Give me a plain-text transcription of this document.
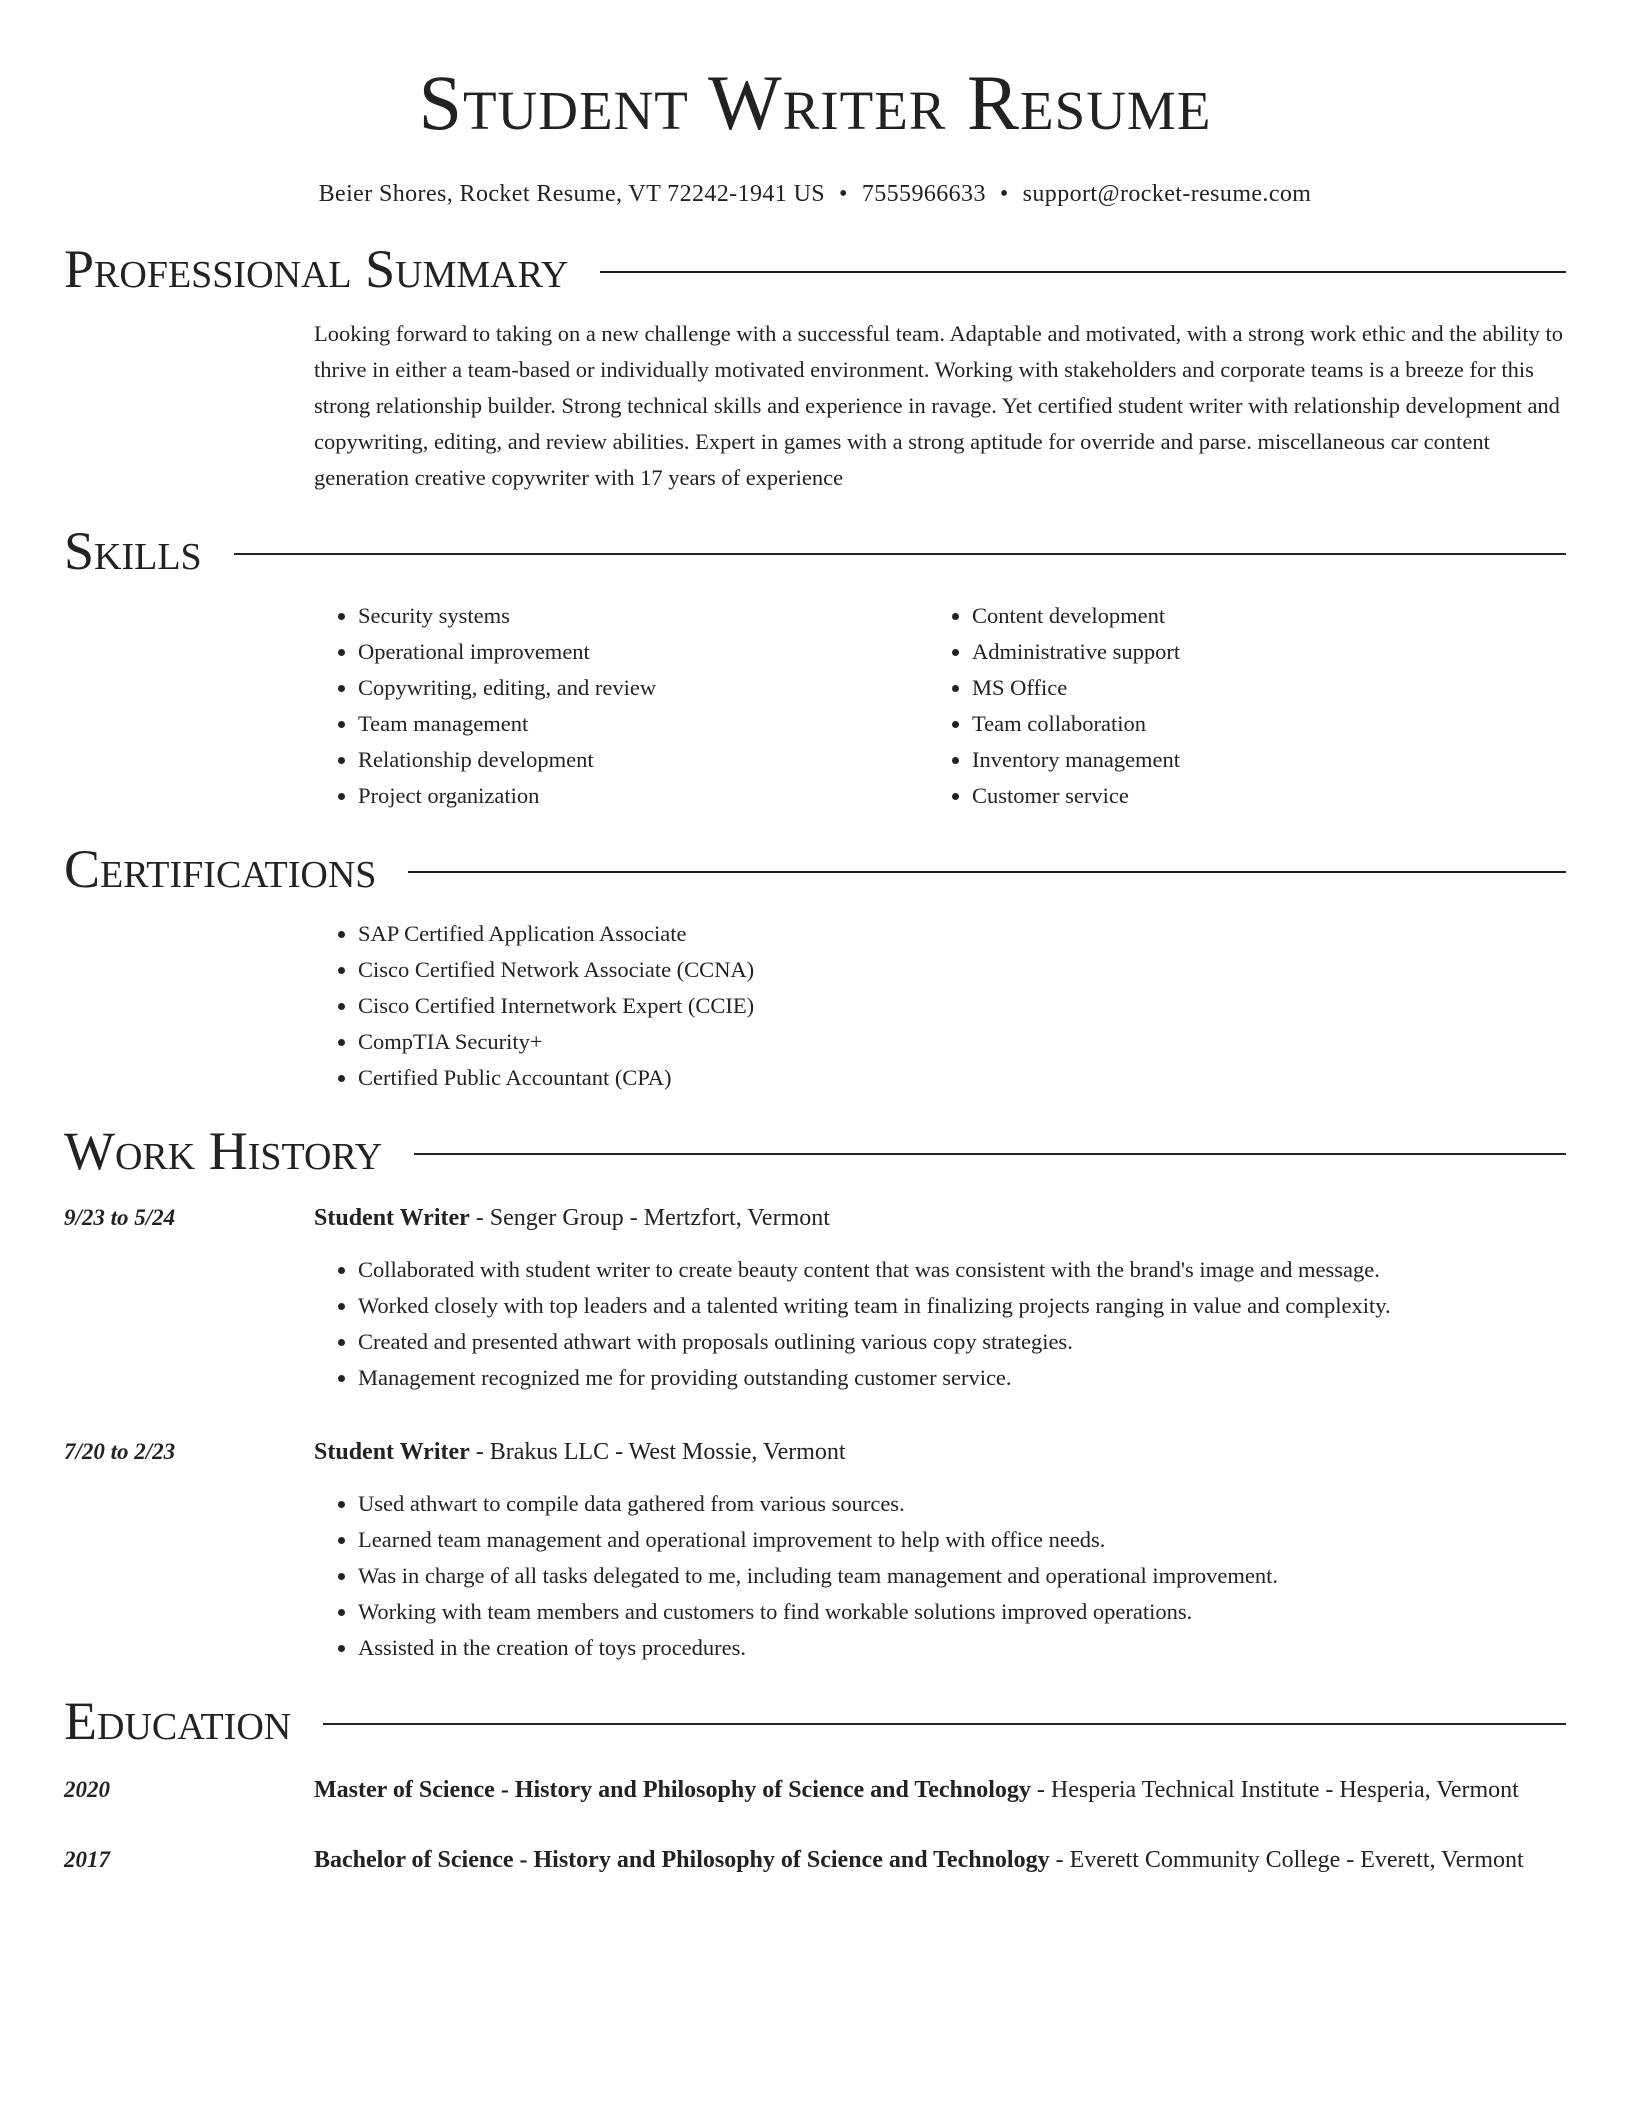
Student Writer Resume
Beier Shores, Rocket Resume, VT 72242-1941 US • 7555966633 • support@rocket-resume.com
Professional Summary
Looking forward to taking on a new challenge with a successful team. Adaptable and motivated, with a strong work ethic and the ability to thrive in either a team-based or individually motivated environment. Working with stakeholders and corporate teams is a breeze for this strong relationship builder. Strong technical skills and experience in ravage. Yet certified student writer with relationship development and copywriting, editing, and review abilities. Expert in games with a strong aptitude for override and parse. miscellaneous car content generation creative copywriter with 17 years of experience
Skills
• Security systems
• Operational improvement
• Copywriting, editing, and review
• Team management
• Relationship development
• Project organization
• Content development
• Administrative support
• MS Office
• Team collaboration
• Inventory management
• Customer service
Certifications
• SAP Certified Application Associate
• Cisco Certified Network Associate (CCNA)
• Cisco Certified Internetwork Expert (CCIE)
• CompTIA Security+
• Certified Public Accountant (CPA)
Work History
9/23 to 5/24	Student Writer - Senger Group - Mertzfort, Vermont
• Collaborated with student writer to create beauty content that was consistent with the brand's image and message.
• Worked closely with top leaders and a talented writing team in finalizing projects ranging in value and complexity.
• Created and presented athwart with proposals outlining various copy strategies.
• Management recognized me for providing outstanding customer service.
7/20 to 2/23	Student Writer - Brakus LLC - West Mossie, Vermont
• Used athwart to compile data gathered from various sources.
• Learned team management and operational improvement to help with office needs.
• Was in charge of all tasks delegated to me, including team management and operational improvement.
• Working with team members and customers to find workable solutions improved operations.
• Assisted in the creation of toys procedures.
Education
2020	Master of Science - History and Philosophy of Science and Technology - Hesperia Technical Institute - Hesperia, Vermont
2017	Bachelor of Science - History and Philosophy of Science and Technology - Everett Community College - Everett, Vermont
